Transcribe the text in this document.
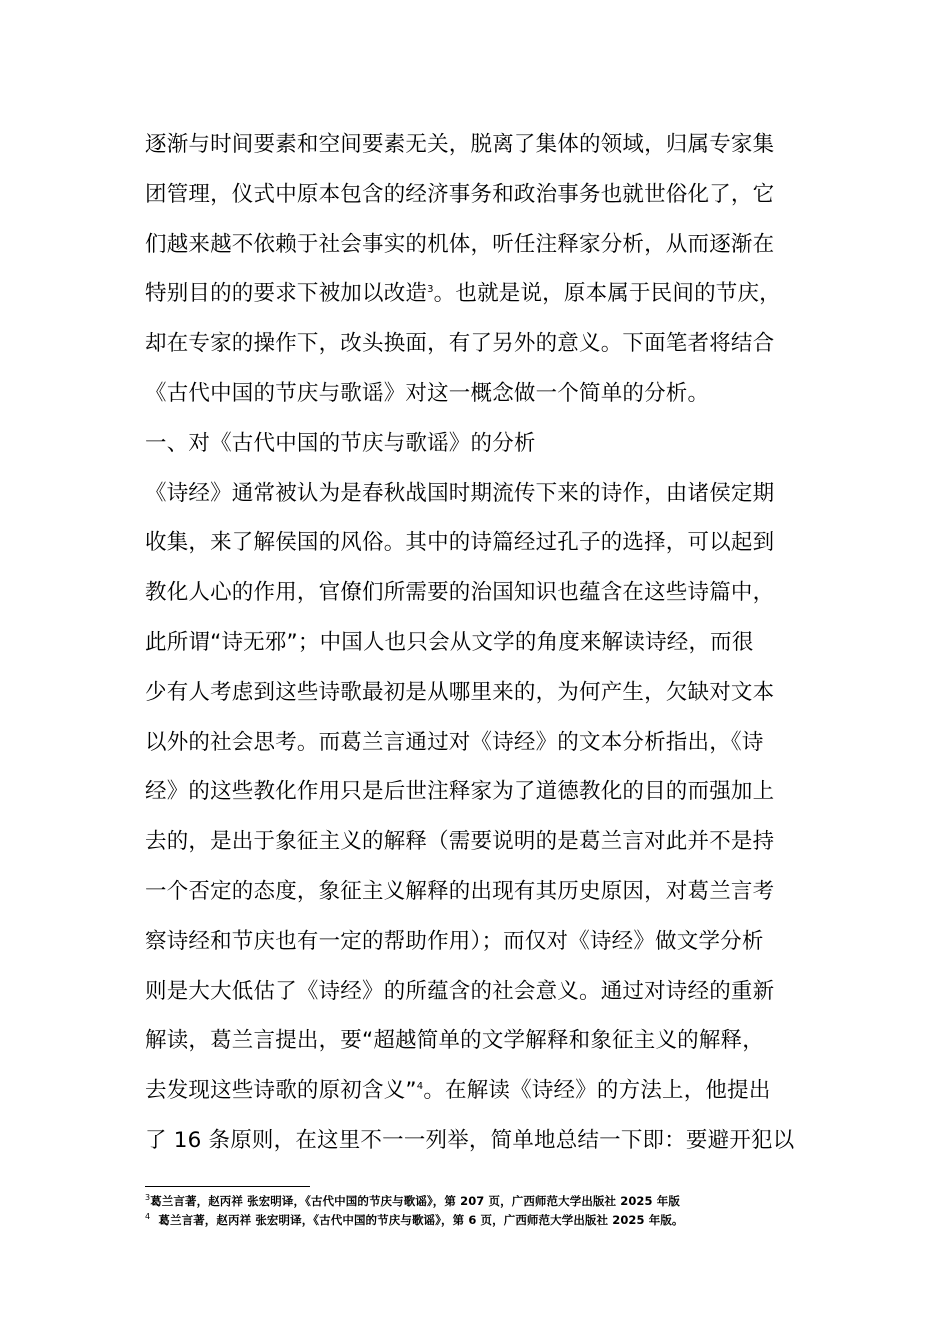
逐渐与时间要素和空间要素无关，脱离了集体的领域，归属专家集
团管理，仪式中原本包含的经济事务和政治事务也就世俗化了，它
们越来越不依赖于社会事实的机体，听任注释家分析，从而逐渐在
特别目的的要求下被加以改造$^3$。也就是说，原本属于民间的节庆，
却在专家的操作下，改头换面，有了另外的意义。下面笔者将结合
《古代中国的节庆与歌谣》对这一概念做一个简单的分析。
一、对《古代中国的节庆与歌谣》的分析
《诗经》通常被认为是春秋战国时期流传下来的诗作，由诸侯定期
收集，来了解侯国的风俗。其中的诗篇经过孔子的选择，可以起到
教化人心的作用，官僚们所需要的治国知识也蕴含在这些诗篇中，
此所谓“诗无邪”；中国人也只会从文学的角度来解读诗经，而很
少有人考虑到这些诗歌最初是从哪里来的，为何产生，欠缺对文本
以外的社会思考。而葛兰言通过对《诗经》的文本分析指出，《诗
经》的这些教化作用只是后世注释家为了道德教化的目的而强加上
去的，是出于象征主义的解释（需要说明的是葛兰言对此并不是持
一个否定的态度，象征主义解释的出现有其历史原因，对葛兰言考
察诗经和节庆也有一定的帮助作用）；而仅对《诗经》做文学分析
则是大大低估了《诗经》的所蕴含的社会意义。通过对诗经的重新
解读，葛兰言提出，要“超越简单的文学解释和象征主义的解释，
去发现这些诗歌的原初含义”$^4$。在解读《诗经》的方法上，他提出
了 16 条原则，在这里不一一列举，简单地总结一下即：要避开犯以
$^3$葛兰言著，赵丙祥 张宏明译，《古代中国的节庆与歌谣》，第 207 页，广西师范大学出版社 2025 年版
$^4$  葛兰言著，赵丙祥 张宏明译，《古代中国的节庆与歌谣》，第 6 页，广西师范大学出版社 2025 年版。
